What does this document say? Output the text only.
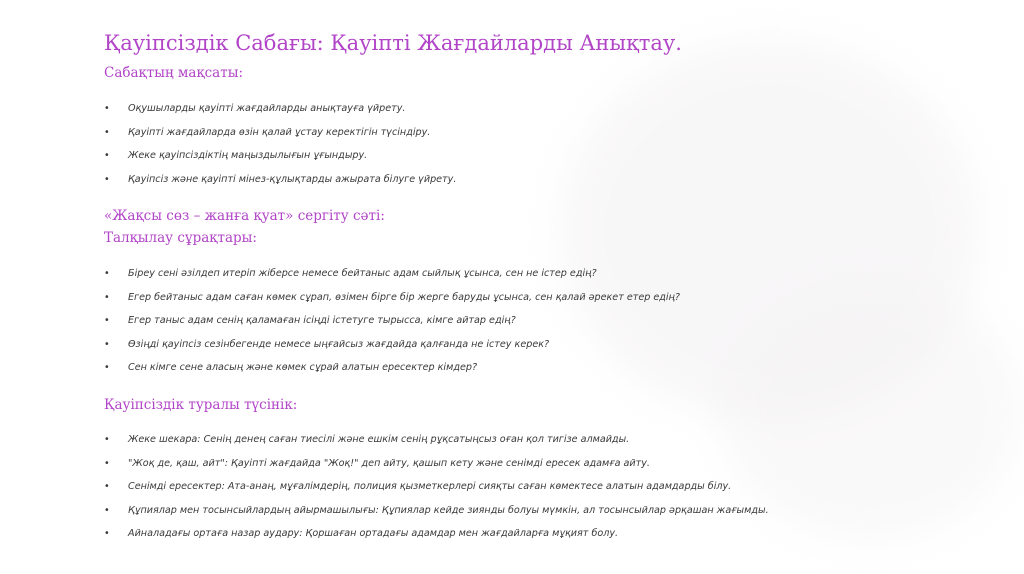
Қауіпсіздік Сабағы: Қауіпті Жағдайларды Анықтау.
Сабақтың мақсаты:
• Оқушыларды қауіпті жағдайларды анықтауға үйрету.
• Қауіпті жағдайларда өзін қалай ұстау керектігін түсіндіру.
• Жеке қауіпсіздіктің маңыздылығын ұғындыру.
• Қауіпсіз және қауіпті мінез-құлықтарды ажырата білуге үйрету.
«Жақсы сөз – жанға қуат» сергіту сәті:
Талқылау сұрақтары:
• Біреу сені әзілдеп итеріп жіберсе немесе бейтаныс адам сыйлық ұсынса, сен не істер едің?
• Егер бейтаныс адам саған көмек сұрап, өзімен бірге бір жерге баруды ұсынса, сен қалай әрекет етер едің?
• Егер таныс адам сенің қаламаған ісіңді істетуге тырысса, кімге айтар едің?
• Өзіңді қауіпсіз сезінбегенде немесе ыңғайсыз жағдайда қалғанда не істеу керек?
• Сен кімге сене аласың және көмек сұрай алатын ересектер кімдер?
Қауіпсіздік туралы түсінік:
• Жеке шекара: Сенің денең саған тиесілі және ешкім сенің рұқсатыңсыз оған қол тигізе алмайды.
• "Жоқ де, қаш, айт": Қауіпті жағдайда "Жоқ!" деп айту, қашып кету және сенімді ересек адамға айту.
• Сенімді ересектер: Ата-анаң, мұғалімдерің, полиция қызметкерлері сияқты саған көмектесе алатын адамдарды білу.
• Құпиялар мен тосынсыйлардың айырмашылығы: Құпиялар кейде зиянды болуы мүмкін, ал тосынсыйлар әрқашан жағымды.
• Айналадағы ортаға назар аудару: Қоршаған ортадағы адамдар мен жағдайларға мұқият болу.
